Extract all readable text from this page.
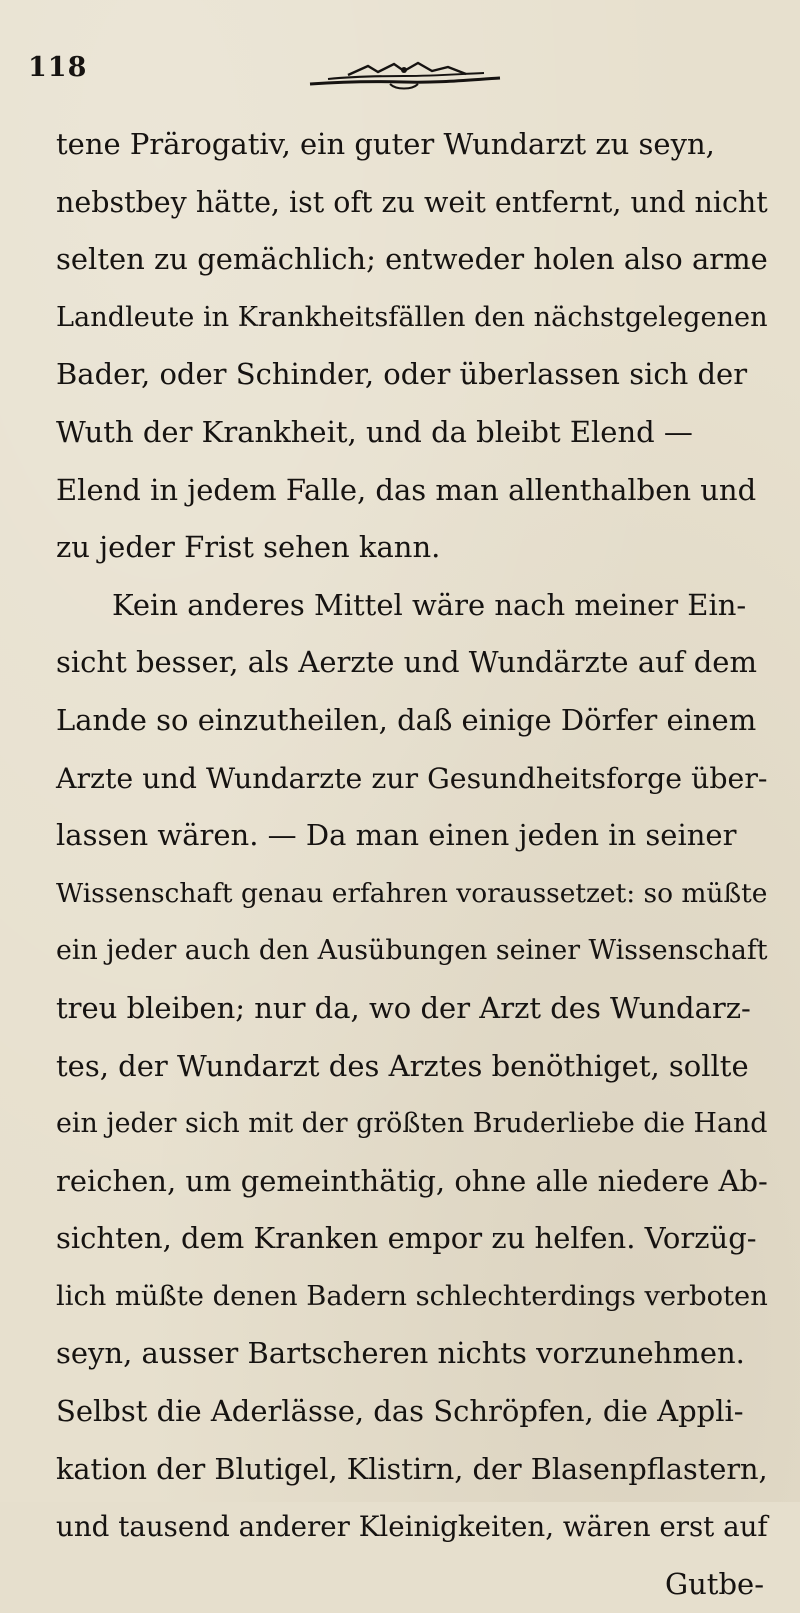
118
tene Prärogativ, ein guter Wundarzt zu seyn,
nebstbey hätte, ist oft zu weit entfernt, und nicht
selten zu gemächlich; entweder holen also arme
Landleute in Krankheitsfällen den nächstgelegenen
Bader, oder Schinder, oder überlassen sich der
Wuth der Krankheit, und da bleibt Elend —
Elend in jedem Falle, das man allenthalben und
zu jeder Frist sehen kann.
Kein anderes Mittel wäre nach meiner Ein-
sicht besser, als Aerzte und Wundärzte auf dem
Lande so einzutheilen, daß einige Dörfer einem
Arzte und Wundarzte zur Gesundheitsforge über-
lassen wären. — Da man einen jeden in seiner
Wissenschaft genau erfahren voraussetzet: so müßte
ein jeder auch den Ausübungen seiner Wissenschaft
treu bleiben; nur da, wo der Arzt des Wundarz-
tes, der Wundarzt des Arztes benöthiget, sollte
ein jeder sich mit der größten Bruderliebe die Hand
reichen, um gemeinthätig, ohne alle niedere Ab-
sichten, dem Kranken empor zu helfen. Vorzüg-
lich müßte denen Badern schlechterdings verboten
seyn, ausser Bartscheren nichts vorzunehmen.
Selbst die Aderlässe, das Schröpfen, die Appli-
kation der Blutigel, Klistirn, der Blasenpflastern,
und tausend anderer Kleinigkeiten, wären erst auf
Gutbe-
